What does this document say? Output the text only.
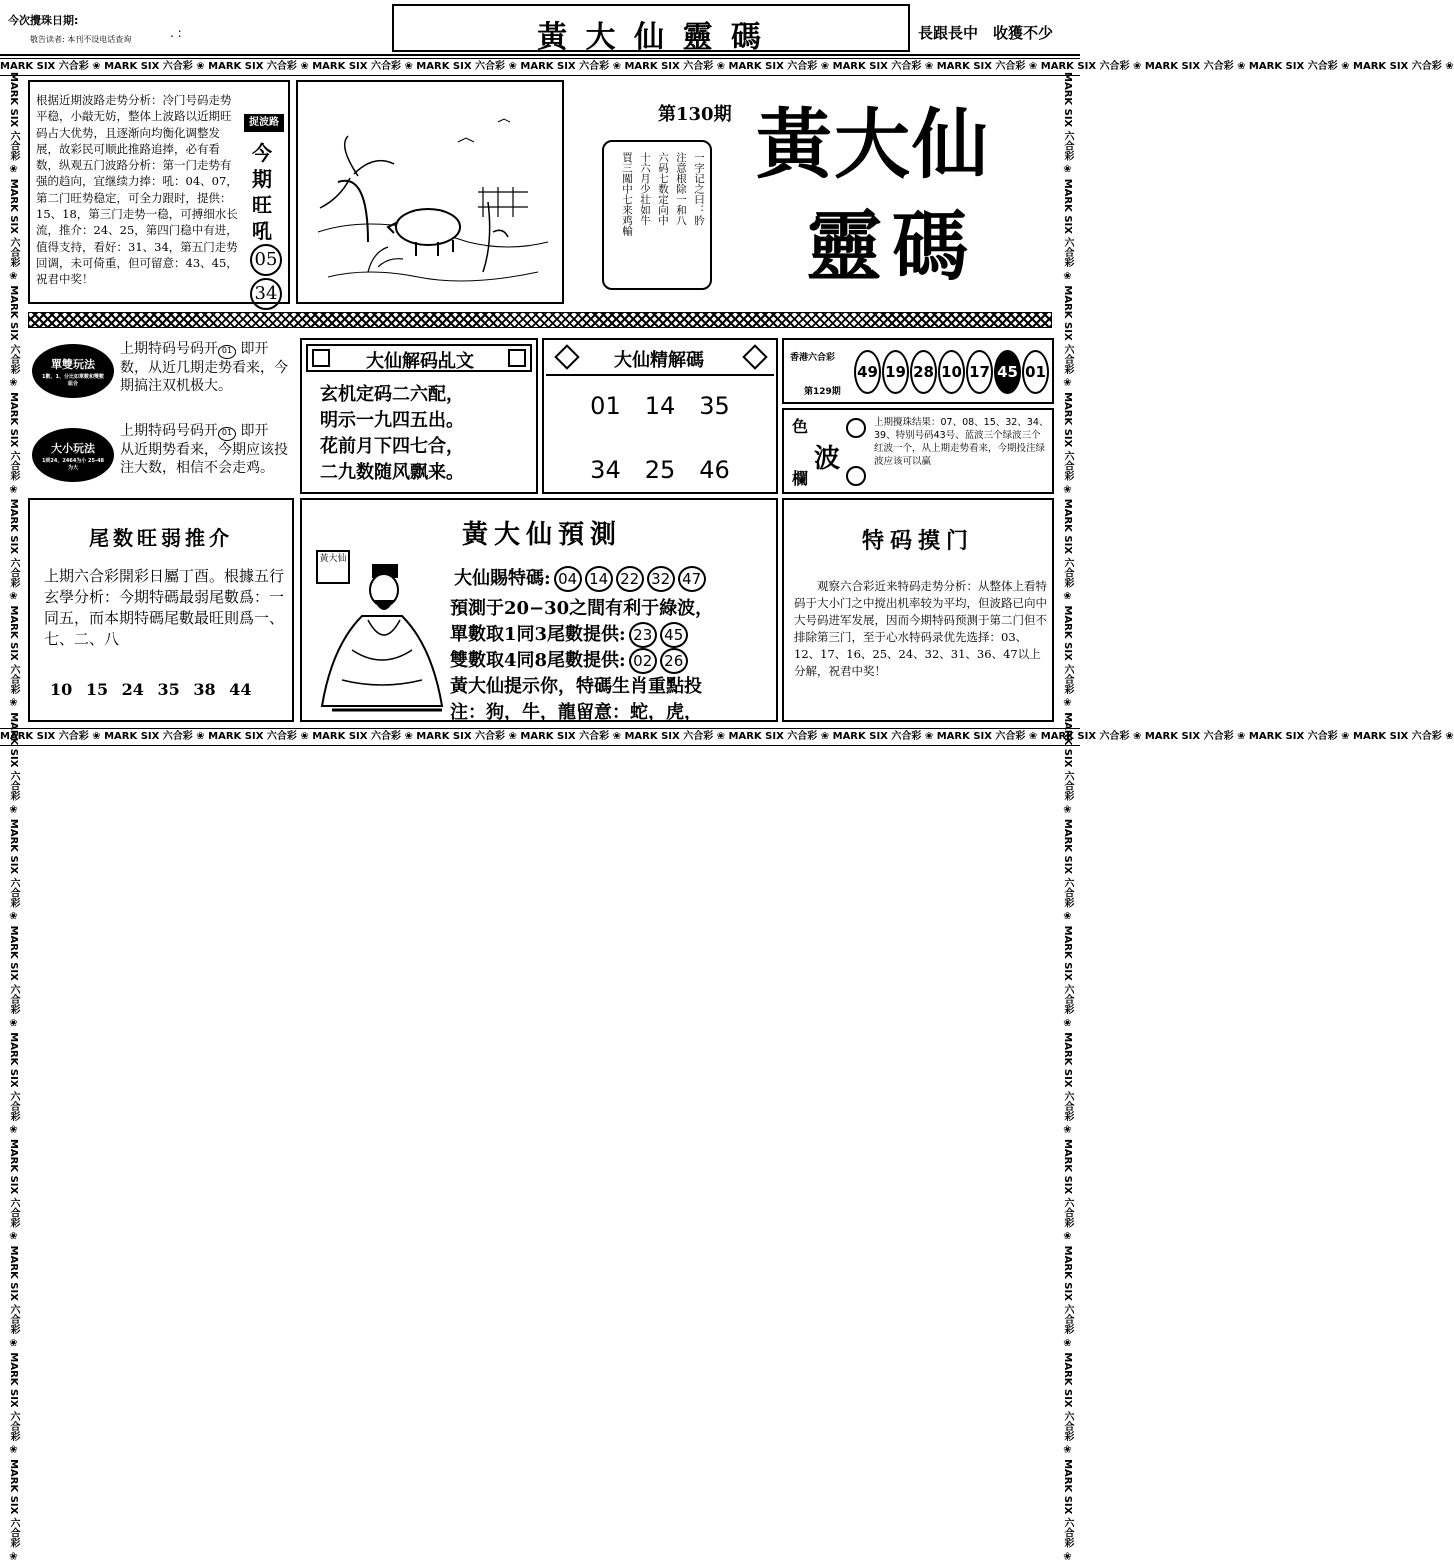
今次攪珠日期:
敬告读者: 本刊不设电话查询	. :	黃 大 仙 靈 碼	長跟長中　收獲不少
MARK SIX 六合彩 ❀ MARK SIX 六合彩 ❀ MARK SIX 六合彩 ❀ MARK SIX 六合彩 ❀ MARK SIX 六合彩 ❀ MARK SIX 六合彩 ❀ MARK SIX 六合彩 ❀ MARK SIX 六合彩 ❀ MARK SIX 六合彩 ❀ MARK SIX 六合彩 ❀ MARK SIX 六合彩 ❀ MARK SIX 六合彩 ❀ MARK SIX 六合彩 ❀ MARK SIX 六合彩 ❀
MARK SIX 六合彩 ❀ MARK SIX 六合彩 ❀ MARK SIX 六合彩 ❀ MARK SIX 六合彩 ❀ MARK SIX 六合彩 ❀ MARK SIX 六合彩 ❀ MARK SIX 六合彩 ❀ MARK SIX 六合彩 ❀ MARK SIX 六合彩 ❀ MARK SIX 六合彩 ❀ MARK SIX 六合彩 ❀ MARK SIX 六合彩 ❀ MARK SIX 六合彩 ❀ MARK SIX 六合彩 ❀
MARK SIX 六合彩 ❀ MARK SIX 六合彩 ❀ MARK SIX 六合彩 ❀ MARK SIX 六合彩 ❀ MARK SIX 六合彩 ❀ MARK SIX 六合彩 ❀ MARK SIX 六合彩 ❀ MARK SIX 六合彩 ❀ MARK SIX 六合彩 ❀ MARK SIX 六合彩 ❀ MARK SIX 六合彩 ❀ MARK SIX 六合彩 ❀ MARK SIX 六合彩 ❀ MARK SIX 六合彩 ❀	MARK SIX 六合彩 ❀ MARK SIX 六合彩 ❀ MARK SIX 六合彩 ❀ MARK SIX 六合彩 ❀ MARK SIX 六合彩 ❀ MARK SIX 六合彩 ❀ MARK SIX 六合彩 ❀ MARK SIX 六合彩 ❀ MARK SIX 六合彩 ❀ MARK SIX 六合彩 ❀ MARK SIX 六合彩 ❀ MARK SIX 六合彩 ❀ MARK SIX 六合彩 ❀ MARK SIX 六合彩 ❀
根据近期波路走势分析：冷门号码走势平稳，小敲无妨，整体上波路以近期旺码占大优势，且逐渐向均衡化调整发展，故彩民可顺此推路追捧，必有看数，纵观五门波路分析：第一门走势有强的趋向，宜继续力捧：吼：04、07，第二门旺势稳定，可全力跟时，提供：15、18，第三门走势一稳，可搏细水长流，推介：24、25，第四门稳中有进，值得支持，看好：31、34，第五门走势回调，未可倚重，但可留意：43、45，祝君中奖！
捉波路
今期旺吼
05
34
第130期
一字记之曰：肣
注意根除一和八
六码七数定向中
十六月少壮如牛
買三闖中七来鸡輸
黃大仙
靈碼
單雙玩法
1數、1、分比如單數和雙數組合
上期特码号码开 01 即开　数，从近几期走势看来，今期搞注双机极大。
大小玩法
1到24、2464为小 25-48为大
上期特码号码开 01 即开　从近期势看来，今期应该投注大数，相信不会走鸡。
大仙解码乩文
玄机定码二六配，
明示一九四五出。
花前月下四七合，
二九数随风飘来。
大仙精解碼
01 14 35
34 25 46
香港六合彩
第129期
49 19 28 10 17 45 01
色
波
欄
上期攪珠结果：07、08、15、32、34、39、特别号码43号、蓝波三个绿波三个红波一个，从上期走势看来，今期投注绿波应该可以赢
尾数旺弱推介
上期六合彩開彩日屬丁酉。根據五行玄學分析：今期特碼最弱尾數爲：一同五，而本期特碼尾數最旺則爲一、七、二、八
10 15 24 35 38 44
黃大仙預測
黃大仙
大仙賜特碼: 04 14 22 32 47
預測于20−30之間有利于綠波，
單數取1同3尾數提供: 23 45
雙數取4同8尾數提供: 02 26
黃大仙提示你，特碼生肖重點投
注：狗，牛，龍留意：蛇，虎，
特码摸门
观察六合彩近来特码走势分析：从整体上看特码于大小门之中搅出机率较为平均，但波路已向中大号码进军发展，因而今期特码预测于第二门但不排除第三门，至于心水特码录优先选择：03、12、17、16、25、24、32、31、36、47以上分解，祝君中奖！
